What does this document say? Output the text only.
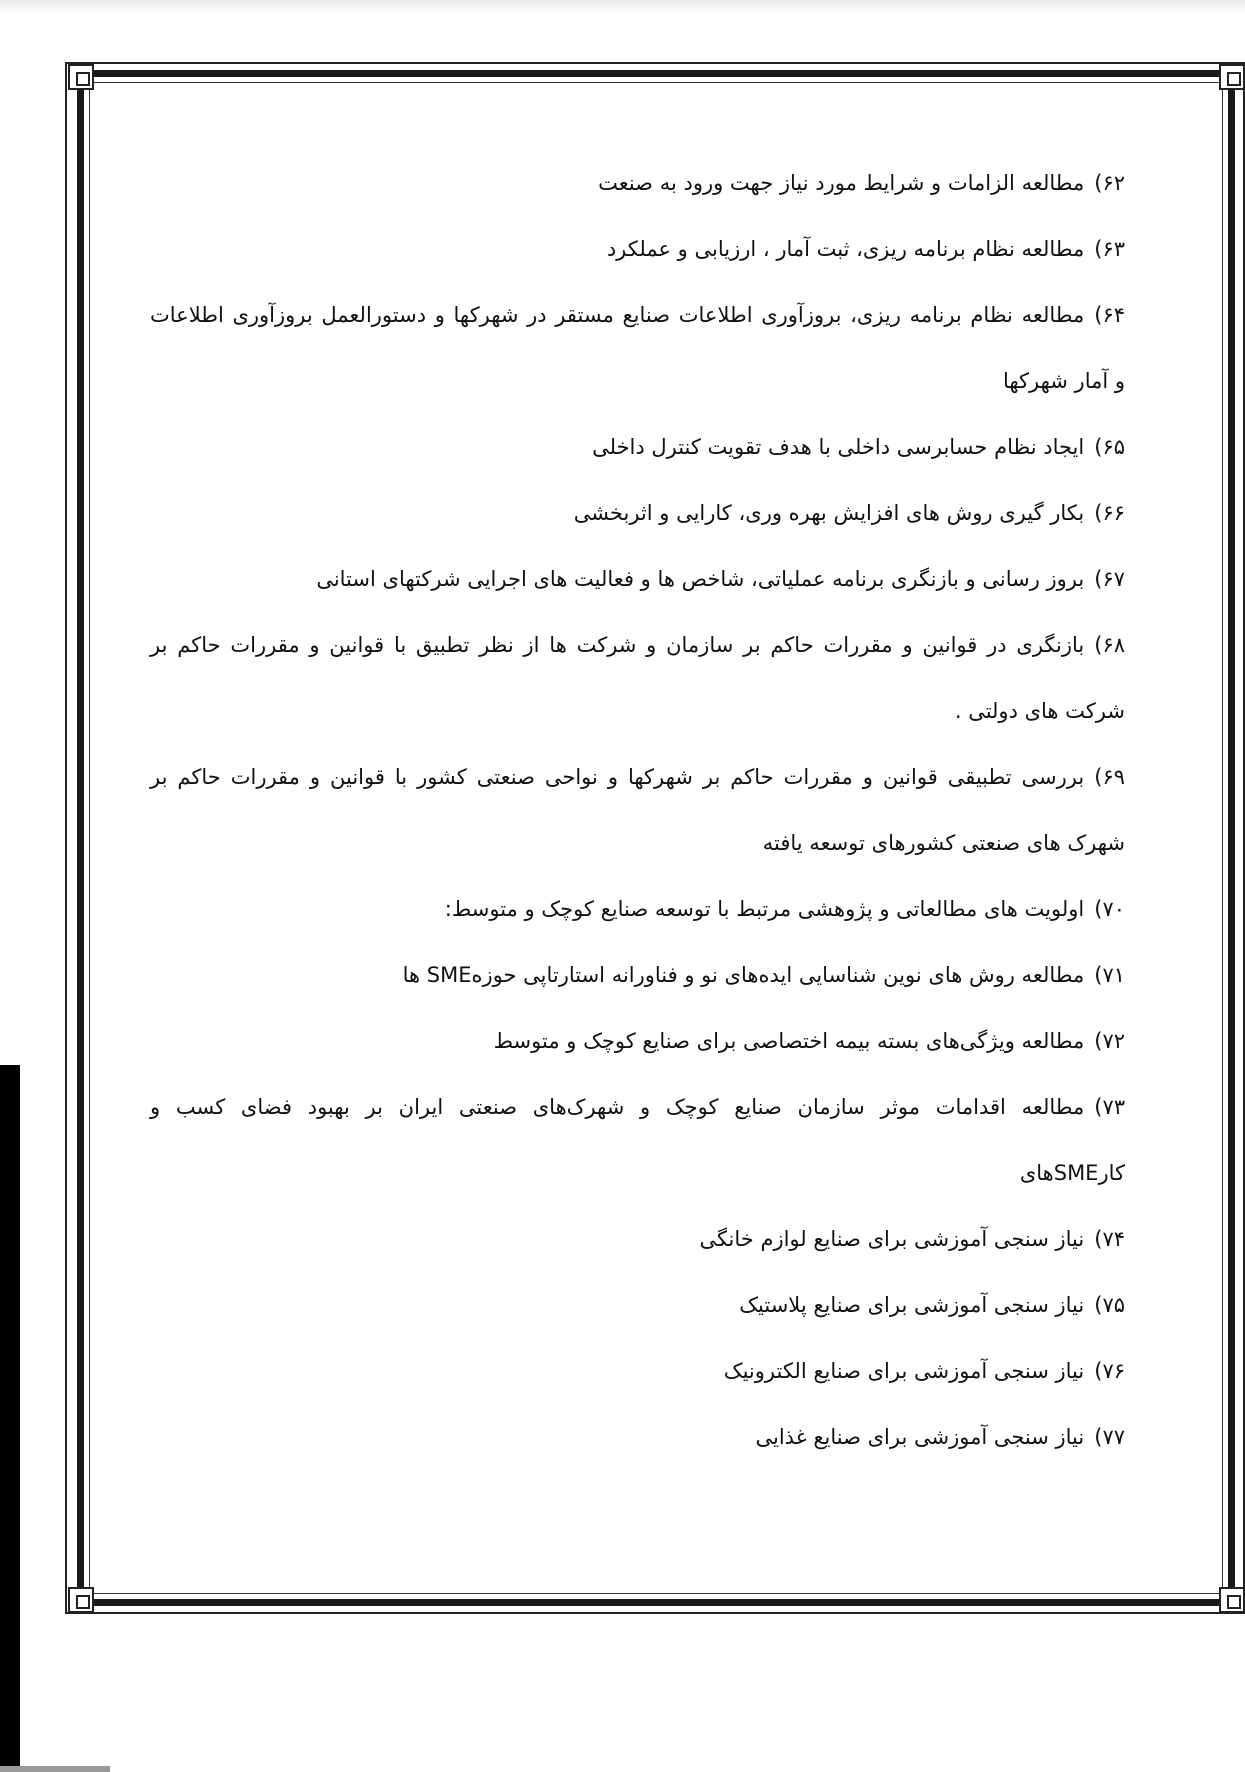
۶۲)مطالعه الزامات و شرایط مورد نیاز جهت ورود به صنعت
۶۳)مطالعه نظام برنامه ریزی، ثبت آمار ، ارزیابی و عملکرد
۶۴)مطالعه نظام برنامه ریزی، بروزآوری اطلاعات صنایع مستقر در شهرکها و دستورالعمل بروزآوری اطلاعات
و آمار شهرکها
۶۵)ایجاد نظام حسابرسی داخلی با هدف تقویت کنترل داخلی
۶۶)بکار گیری روش های افزایش بهره وری، کارایی و اثربخشی
۶۷)بروز رسانی و بازنگری برنامه عملیاتی، شاخص ها و فعالیت های اجرایی شرکتهای استانی
۶۸)بازنگری در قوانین و مقررات حاکم بر سازمان و شرکت ها از نظر تطبیق با قوانین و مقررات حاکم بر
شرکت های دولتی .
۶۹)بررسی تطبیقی قوانین و مقررات حاکم بر شهرکها و نواحی صنعتی کشور با قوانین و مقررات حاکم بر
شهرک های صنعتی کشورهای توسعه یافته
۷۰)اولویت های مطالعاتی و پژوهشی مرتبط با توسعه صنایع کوچک و متوسط:
۷۱)مطالعه روش های نوین شناسایی ایده‌های نو و فناورانه استارتاپی حوزهSME ها
۷۲)مطالعه ویژگی‌های بسته بیمه اختصاصی برای صنایع کوچک و متوسط
۷۳)مطالعه اقدامات موثر سازمان صنایع کوچک و شهرک‌های صنعتی ایران بر بهبود فضای کسب و
کارSMEهای
۷۴)نیاز سنجی آموزشی برای صنایع لوازم خانگی
۷۵)نیاز سنجی آموزشی برای صنایع پلاستیک
۷۶)نیاز سنجی آموزشی برای صنایع الکترونیک
۷۷)نیاز سنجی آموزشی برای صنایع غذایی
